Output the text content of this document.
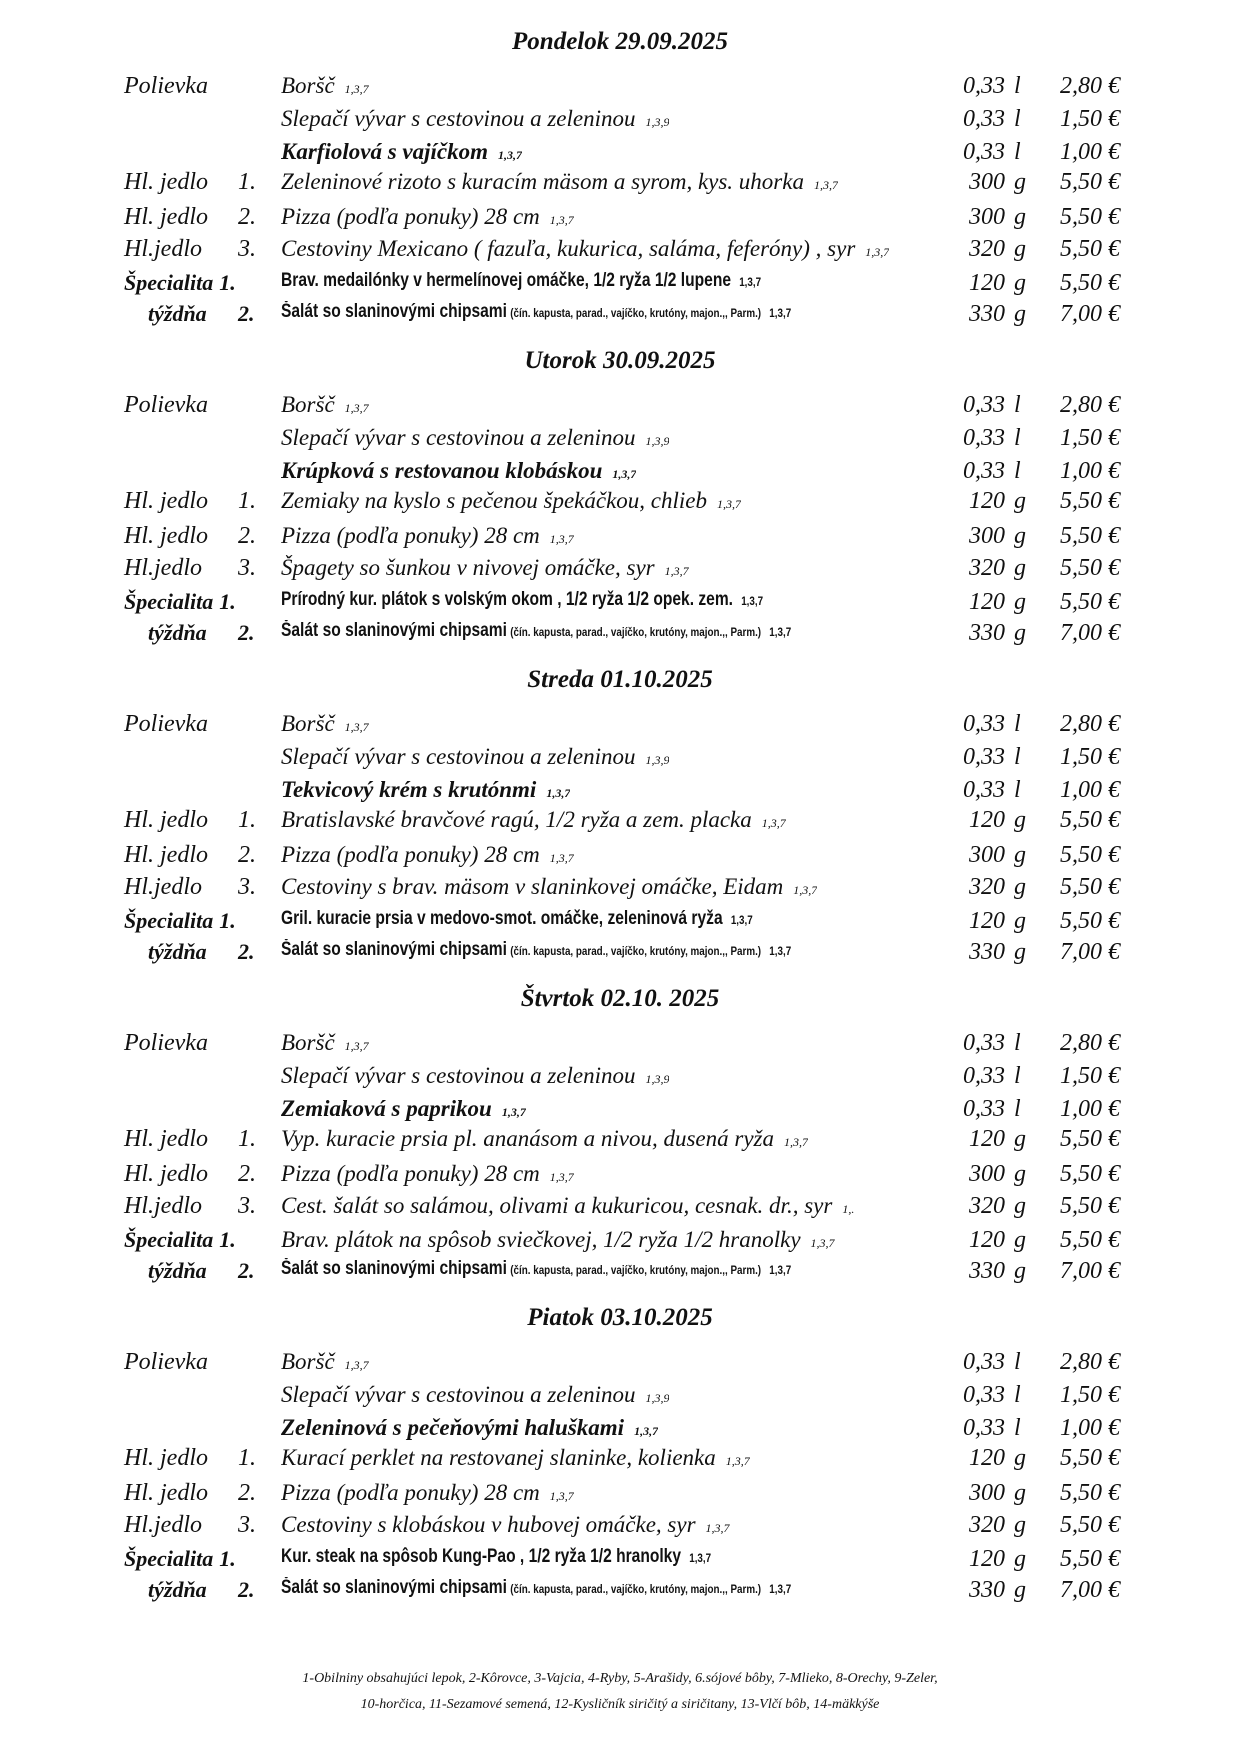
Pondelok 29.09.2025
Polievka	Boršč 1,3,7	0,33 l	2,80 €
Slepačí vývar s cestovinou a zeleninou 1,3,9	0,33 l	1,50 €
Karfiolová s vajíčkom 1,3,7	0,33 l	1,00 €
Hl. jedlo 1. Zeleninové rizoto s kuracím mäsom a syrom, kys. uhorka 1,3,7	300 g	5,50 €
Hl. jedlo 2. Pizza (podľa ponuky) 28 cm 1,3,7	300 g	5,50 €
Hl.jedlo 3. Cestoviny Mexicano ( fazuľa, kukurica, saláma, feferóny) , syr 1,3,7	320 g	5,50 €
Špecialita 1. Brav. medailónky v hermelínovej omáčke, 1/2 ryža 1/2 lupene 1,3,7	120 g	5,50 €
týždňa 2. Šalát so slaninovými chipsami (čín. kapusta, parad., vajíčko, krutóny, majon.,, Parm.) 1,3,7	330 g	7,00 €
Utorok 30.09.2025
Polievka	Boršč 1,3,7	0,33 l	2,80 €
Slepačí vývar s cestovinou a zeleninou 1,3,9	0,33 l	1,50 €
Krúpková s restovanou klobáskou 1,3,7	0,33 l	1,00 €
Hl. jedlo 1. Zemiaky na kyslo s pečenou špekáčkou, chlieb 1,3,7	120 g	5,50 €
Hl. jedlo 2. Pizza (podľa ponuky) 28 cm 1,3,7	300 g	5,50 €
Hl.jedlo 3. Špagety so šunkou v nivovej omáčke, syr 1,3,7	320 g	5,50 €
Špecialita 1. Prírodný kur. plátok s volským okom , 1/2 ryža 1/2 opek. zem. 1,3,7	120 g	5,50 €
týždňa 2. Šalát so slaninovými chipsami (čín. kapusta, parad., vajíčko, krutóny, majon.,, Parm.) 1,3,7	330 g	7,00 €
Streda 01.10.2025
Polievka	Boršč 1,3,7	0,33 l	2,80 €
Slepačí vývar s cestovinou a zeleninou 1,3,9	0,33 l	1,50 €
Tekvicový krém s krutónmi 1,3,7	0,33 l	1,00 €
Hl. jedlo 1. Bratislavské bravčové ragú, 1/2 ryža a zem. placka 1,3,7	120 g	5,50 €
Hl. jedlo 2. Pizza (podľa ponuky) 28 cm 1,3,7	300 g	5,50 €
Hl.jedlo 3. Cestoviny s brav. mäsom v slaninkovej omáčke, Eidam 1,3,7	320 g	5,50 €
Špecialita 1. Gril. kuracie prsia v medovo-smot. omáčke, zeleninová ryža 1,3,7	120 g	5,50 €
týždňa 2. Šalát so slaninovými chipsami (čín. kapusta, parad., vajíčko, krutóny, majon.,, Parm.) 1,3,7	330 g	7,00 €
Štvrtok 02.10. 2025
Polievka	Boršč 1,3,7	0,33 l	2,80 €
Slepačí vývar s cestovinou a zeleninou 1,3,9	0,33 l	1,50 €
Zemiaková s paprikou 1,3,7	0,33 l	1,00 €
Hl. jedlo 1. Vyp. kuracie prsia pl. ananásom a nivou, dusená ryža 1,3,7	120 g	5,50 €
Hl. jedlo 2. Pizza (podľa ponuky) 28 cm 1,3,7	300 g	5,50 €
Hl.jedlo 3. Cest. šalát so salámou, olivami a kukuricou, cesnak. dr., syr 1,.	320 g	5,50 €
Špecialita 1. Brav. plátok na spôsob sviečkovej, 1/2 ryža 1/2 hranolky 1,3,7	120 g	5,50 €
týždňa 2. Šalát so slaninovými chipsami (čín. kapusta, parad., vajíčko, krutóny, majon.,, Parm.) 1,3,7	330 g	7,00 €
Piatok 03.10.2025
Polievka	Boršč 1,3,7	0,33 l	2,80 €
Slepačí vývar s cestovinou a zeleninou 1,3,9	0,33 l	1,50 €
Zeleninová s pečeňovými haluškami 1,3,7	0,33 l	1,00 €
Hl. jedlo 1. Kurací perklet na restovanej slaninke, kolienka 1,3,7	120 g	5,50 €
Hl. jedlo 2. Pizza (podľa ponuky) 28 cm 1,3,7	300 g	5,50 €
Hl.jedlo 3. Cestoviny s klobáskou v hubovej omáčke, syr 1,3,7	320 g	5,50 €
Špecialita 1. Kur. steak na spôsob Kung-Pao , 1/2 ryža 1/2 hranolky 1,3,7	120 g	5,50 €
týždňa 2. Šalát so slaninovými chipsami (čín. kapusta, parad., vajíčko, krutóny, majon.,, Parm.) 1,3,7	330 g	7,00 €
1-Obilniny obsahujúci lepok, 2-Kôrovce, 3-Vajcia, 4-Ryby, 5-Arašidy, 6.sójové bôby, 7-Mlieko, 8-Orechy, 9-Zeler,
10-horčica, 11-Sezamové semená, 12-Kysličník siričitý a siričitany, 13-Vlčí bôb, 14-mäkkýše
